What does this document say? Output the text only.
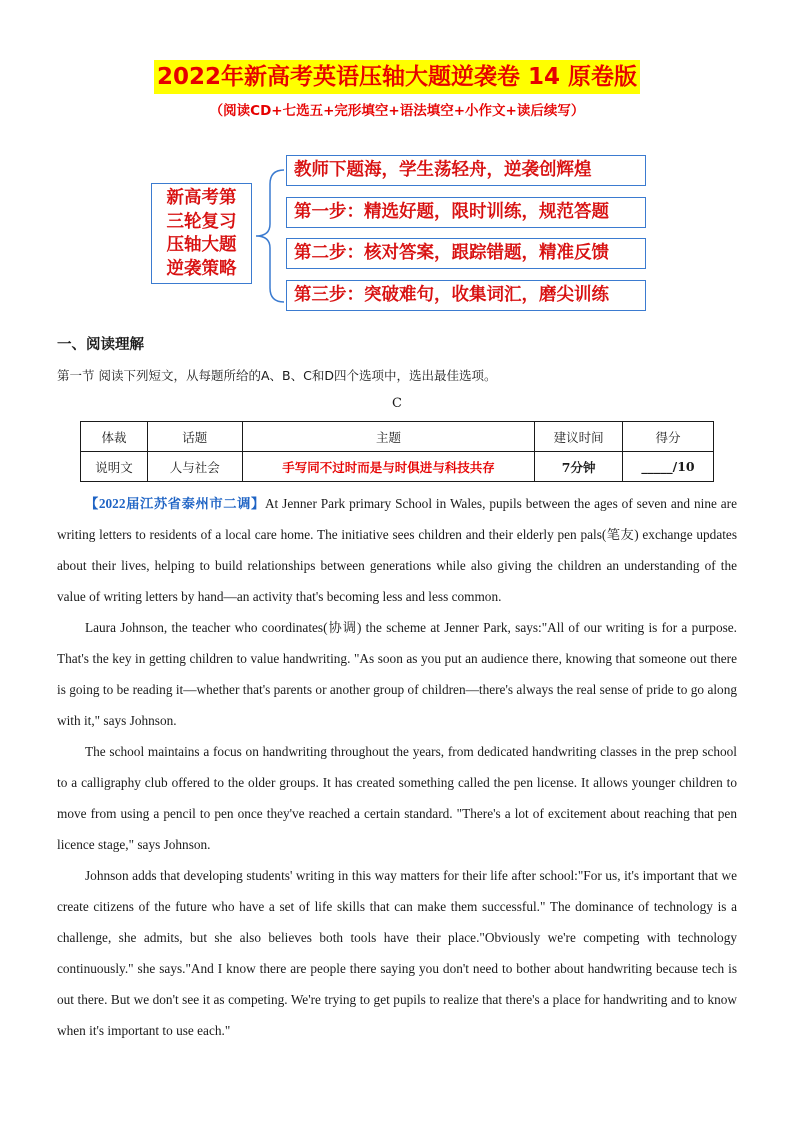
2022年新高考英语压轴大题逆袭卷 14 原卷版
（阅读CD+七选五+完形填空+语法填空+小作文+读后续写）
新高考第
三轮复习
压轴大题
逆袭策略
教师下题海，学生荡轻舟，逆袭创辉煌
第一步：精选好题，限时训练，规范答题
第二步：核对答案，跟踪错题，精准反馈
第三步：突破难句，收集词汇，磨尖训练
一、阅读理解
第一节 阅读下列短文，从每题所给的A、B、C和D四个选项中，选出最佳选项。
C
体裁	话题	主题	建议时间	得分
说明文	人与社会	手写同不过时而是与时俱进与科技共存	7分钟	_____/10

【2022届江苏省泰州市二调】At Jenner Park primary School in Wales, pupils between the ages of seven and nine are writing letters to residents of a local care home. The initiative sees children and their elderly pen pals(笔友) exchange updates about their lives, helping to build relationships between generations while also giving the children an understanding of the value of writing letters by hand—an activity that's becoming less and less common.

Laura Johnson, the teacher who coordinates(协调) the scheme at Jenner Park, says:"All of our writing is for a purpose. That's the key in getting children to value handwriting. "As soon as you put an audience there, knowing that someone out there is going to be reading it—whether that's parents or another group of children—there's always the real sense of pride to go along with it," says Johnson.

The school maintains a focus on handwriting throughout the years, from dedicated handwriting classes in the prep school to a calligraphy club offered to the older groups. It has created something called the pen license. It allows younger children to move from using a pencil to pen once they've reached a certain standard. "There's a lot of excitement about reaching that pen licence stage," says Johnson.

Johnson adds that developing students' writing in this way matters for their life after school:"For us, it's important that we create citizens of the future who have a set of life skills that can make them successful." The dominance of technology is a challenge, she admits, but she also believes both tools have their place."Obviously we're competing with technology continuously." she says."And I know there are people there saying you don't need to bother about handwriting because tech is out there. But we don't see it as competing. We're trying to get pupils to realize that there's a place for handwriting and to know when it's important to use each."
